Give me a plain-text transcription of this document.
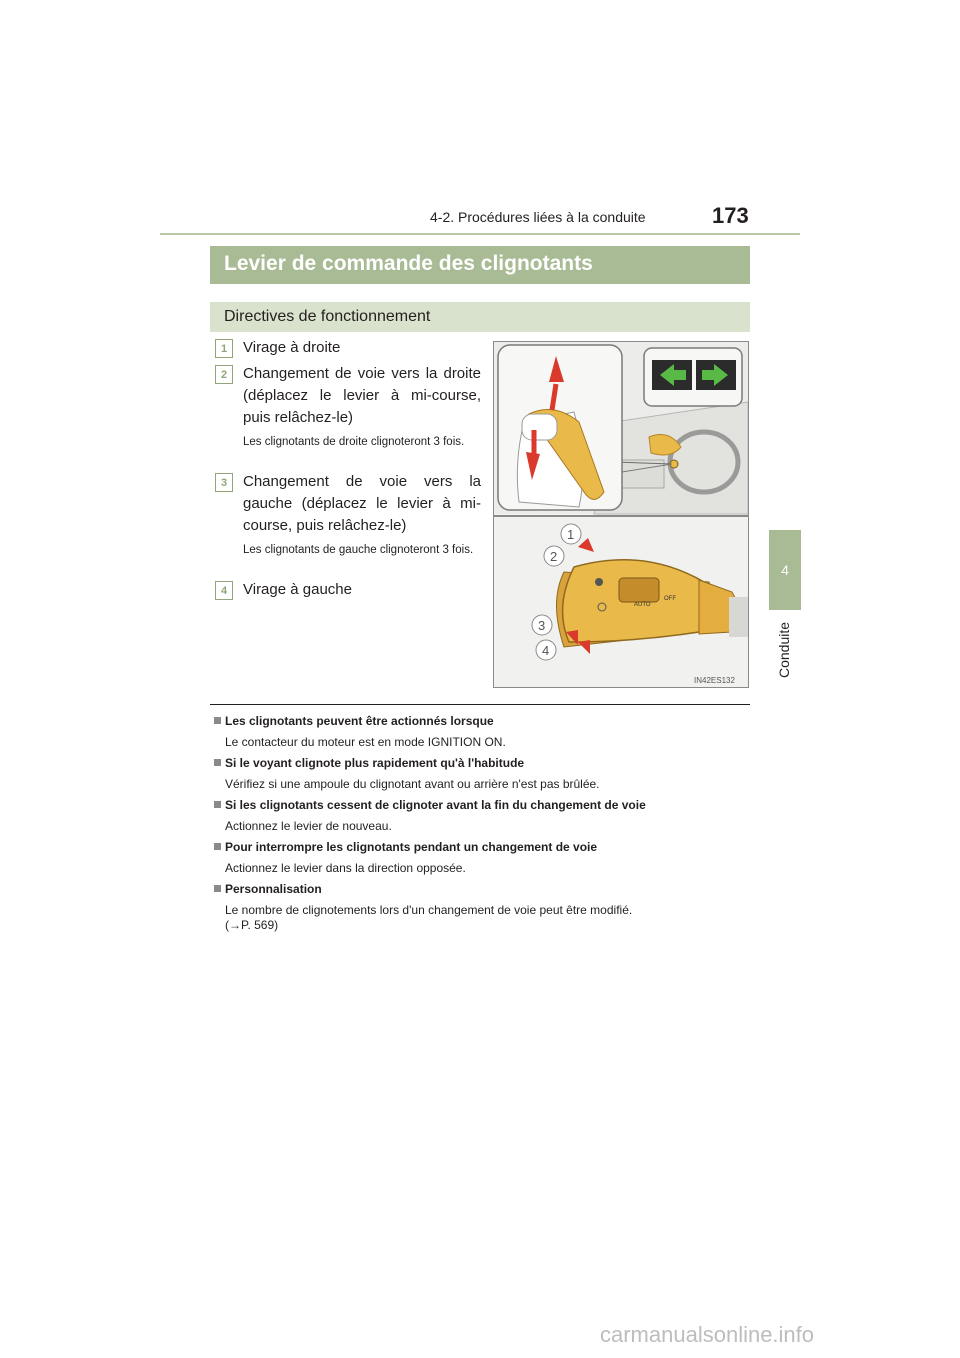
4-2. Procédures liées à la conduite	173
4
Conduite
Levier de commande des clignotants
Directives de fonctionnement
1	Virage à droite
2	Changement de voie vers la droite (déplacez le levier à mi-course, puis relâchez-le)
Les clignotants de droite clignoteront 3 fois.
3	Changement de voie vers la gauche (déplacez le levier à mi-course, puis relâchez-le)
Les clignotants de gauche clignoteront 3 fois.
4	Virage à gauche
AUTO
OFF
1
2
3
4
IN42ES132
Les clignotants peuvent être actionnés lorsque
Le contacteur du moteur est en mode IGNITION ON.
Si le voyant clignote plus rapidement qu'à l'habitude
Vérifiez si une ampoule du clignotant avant ou arrière n'est pas brûlée.
Si les clignotants cessent de clignoter avant la fin du changement de voie
Actionnez le levier de nouveau.
Pour interrompre les clignotants pendant un changement de voie
Actionnez le levier dans la direction opposée.
Personnalisation
Le nombre de clignotements lors d'un changement de voie peut être modifié.
(→P. 569)
carmanualsonline.info
